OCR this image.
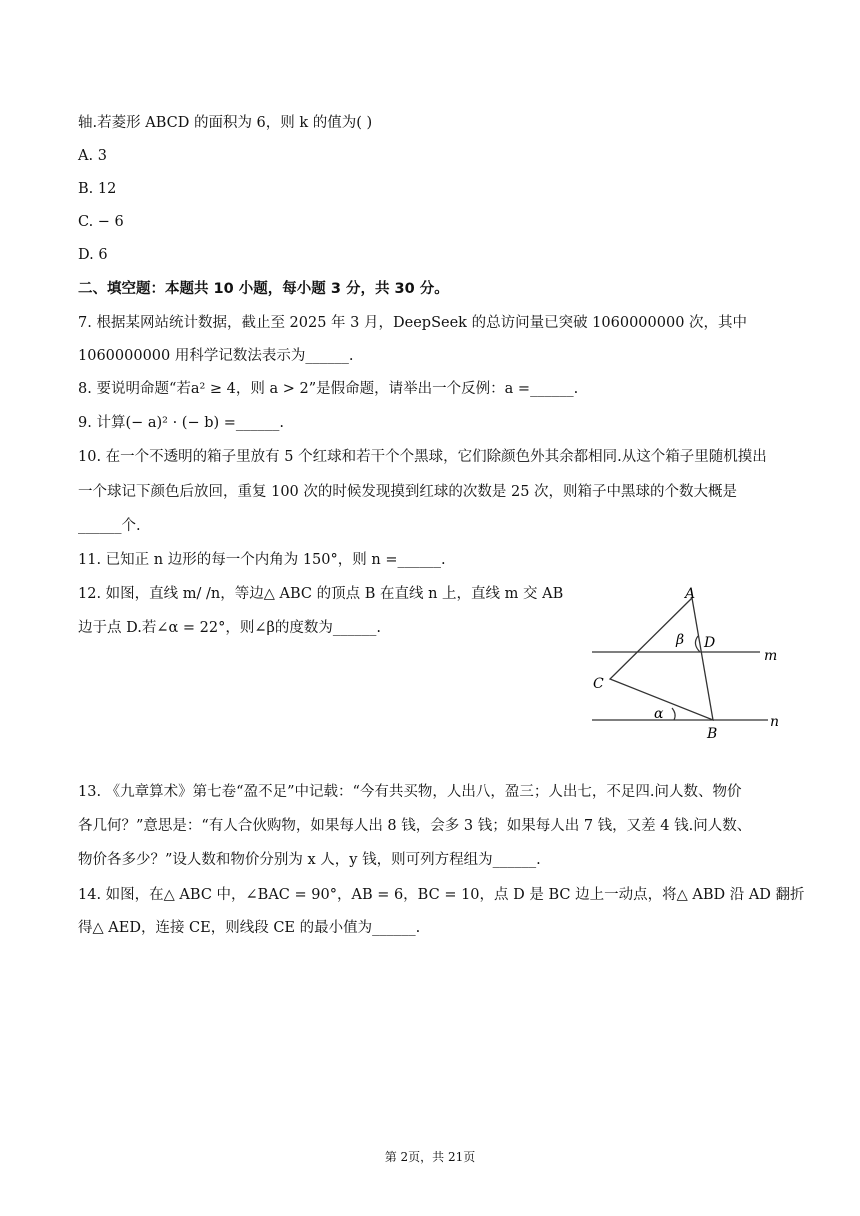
轴.若菱形 ABCD 的面积为 6，则 k 的值为( )
A. 3
B. 12
C. − 6
D. 6
二、填空题：本题共 10 小题，每小题 3 分，共 30 分。
7. 根据某网站统计数据，截止至 2025 年 3 月，DeepSeek 的总访问量已突破 1060000000 次，其中
1060000000 用科学记数法表示为______.
8. 要说明命题“若a² ≥ 4，则 a > 2”是假命题，请举出一个反例：a =______.
9. 计算(− a)² · (− b) =______.
10. 在一个不透明的箱子里放有 5 个红球和若干个个黑球，它们除颜色外其余都相同.从这个箱子里随机摸出
一个球记下颜色后放回，重复 100 次的时候发现摸到红球的次数是 25 次，则箱子中黑球的个数大概是
______个.
11. 已知正 n 边形的每一个内角为 150°，则 n =______.
12. 如图，直线 m/ /n，等边△ ABC 的顶点 B 在直线 n 上，直线 m 交 AB
边于点 D.若∠α = 22°，则∠β的度数为______.
A
B
C
D
m
n
α
β
13. 《九章算术》第七卷“盈不足”中记载：“今有共买物，人出八，盈三；人出七，不足四.问人数、物价
各几何？”意思是：“有人合伙购物，如果每人出 8 钱，会多 3 钱；如果每人出 7 钱，又差 4 钱.问人数、
物价各多少？”设人数和物价分别为 x 人，y 钱，则可列方程组为______.
14. 如图，在△ ABC 中，∠BAC = 90°，AB = 6，BC = 10，点 D 是 BC 边上一动点，将△ ABD 沿 AD 翻折
得△ AED，连接 CE，则线段 CE 的最小值为______.
第 2页，共 21页
